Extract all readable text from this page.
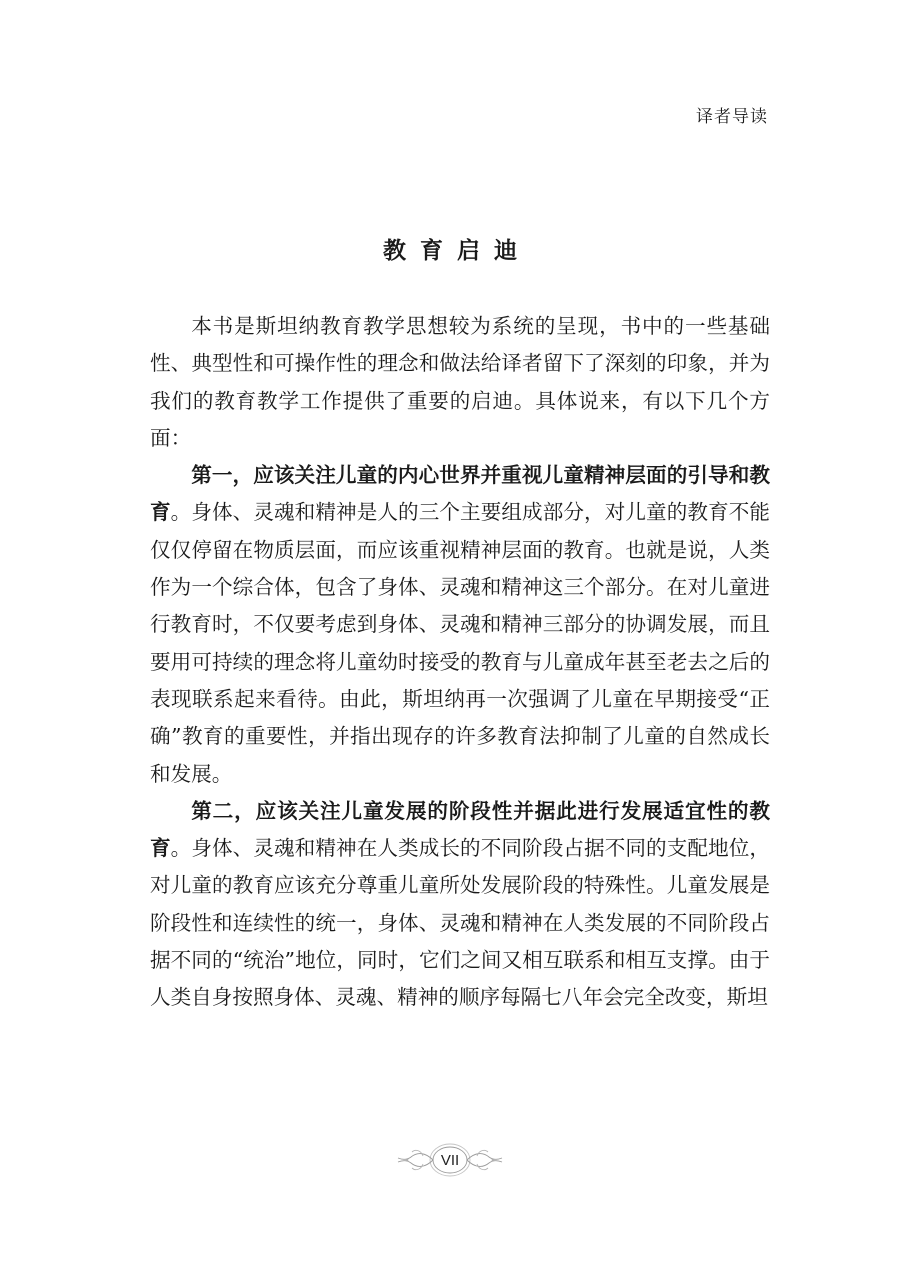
译者导读
教育启迪

本书是斯坦纳教育教学思想较为系统的呈现，书中的一些基础性、典型性和可操作性的理念和做法给译者留下了深刻的印象，并为我们的教育教学工作提供了重要的启迪。具体说来，有以下几个方面：

第一，应该关注儿童的内心世界并重视儿童精神层面的引导和教育。身体、灵魂和精神是人的三个主要组成部分，对儿童的教育不能仅仅停留在物质层面，而应该重视精神层面的教育。也就是说，人类作为一个综合体，包含了身体、灵魂和精神这三个部分。在对儿童进行教育时，不仅要考虑到身体、灵魂和精神三部分的协调发展，而且要用可持续的理念将儿童幼时接受的教育与儿童成年甚至老去之后的表现联系起来看待。由此，斯坦纳再一次强调了儿童在早期接受“正确”教育的重要性，并指出现存的许多教育法抑制了儿童的自然成长和发展。

第二，应该关注儿童发展的阶段性并据此进行发展适宜性的教育。身体、灵魂和精神在人类成长的不同阶段占据不同的支配地位，对儿童的教育应该充分尊重儿童所处发展阶段的特殊性。儿童发展是阶段性和连续性的统一，身体、灵魂和精神在人类发展的不同阶段占据不同的“统治”地位，同时，它们之间又相互联系和相互支撑。由于人类自身按照身体、灵魂、精神的顺序每隔七八年会完全改变，斯坦

VII
